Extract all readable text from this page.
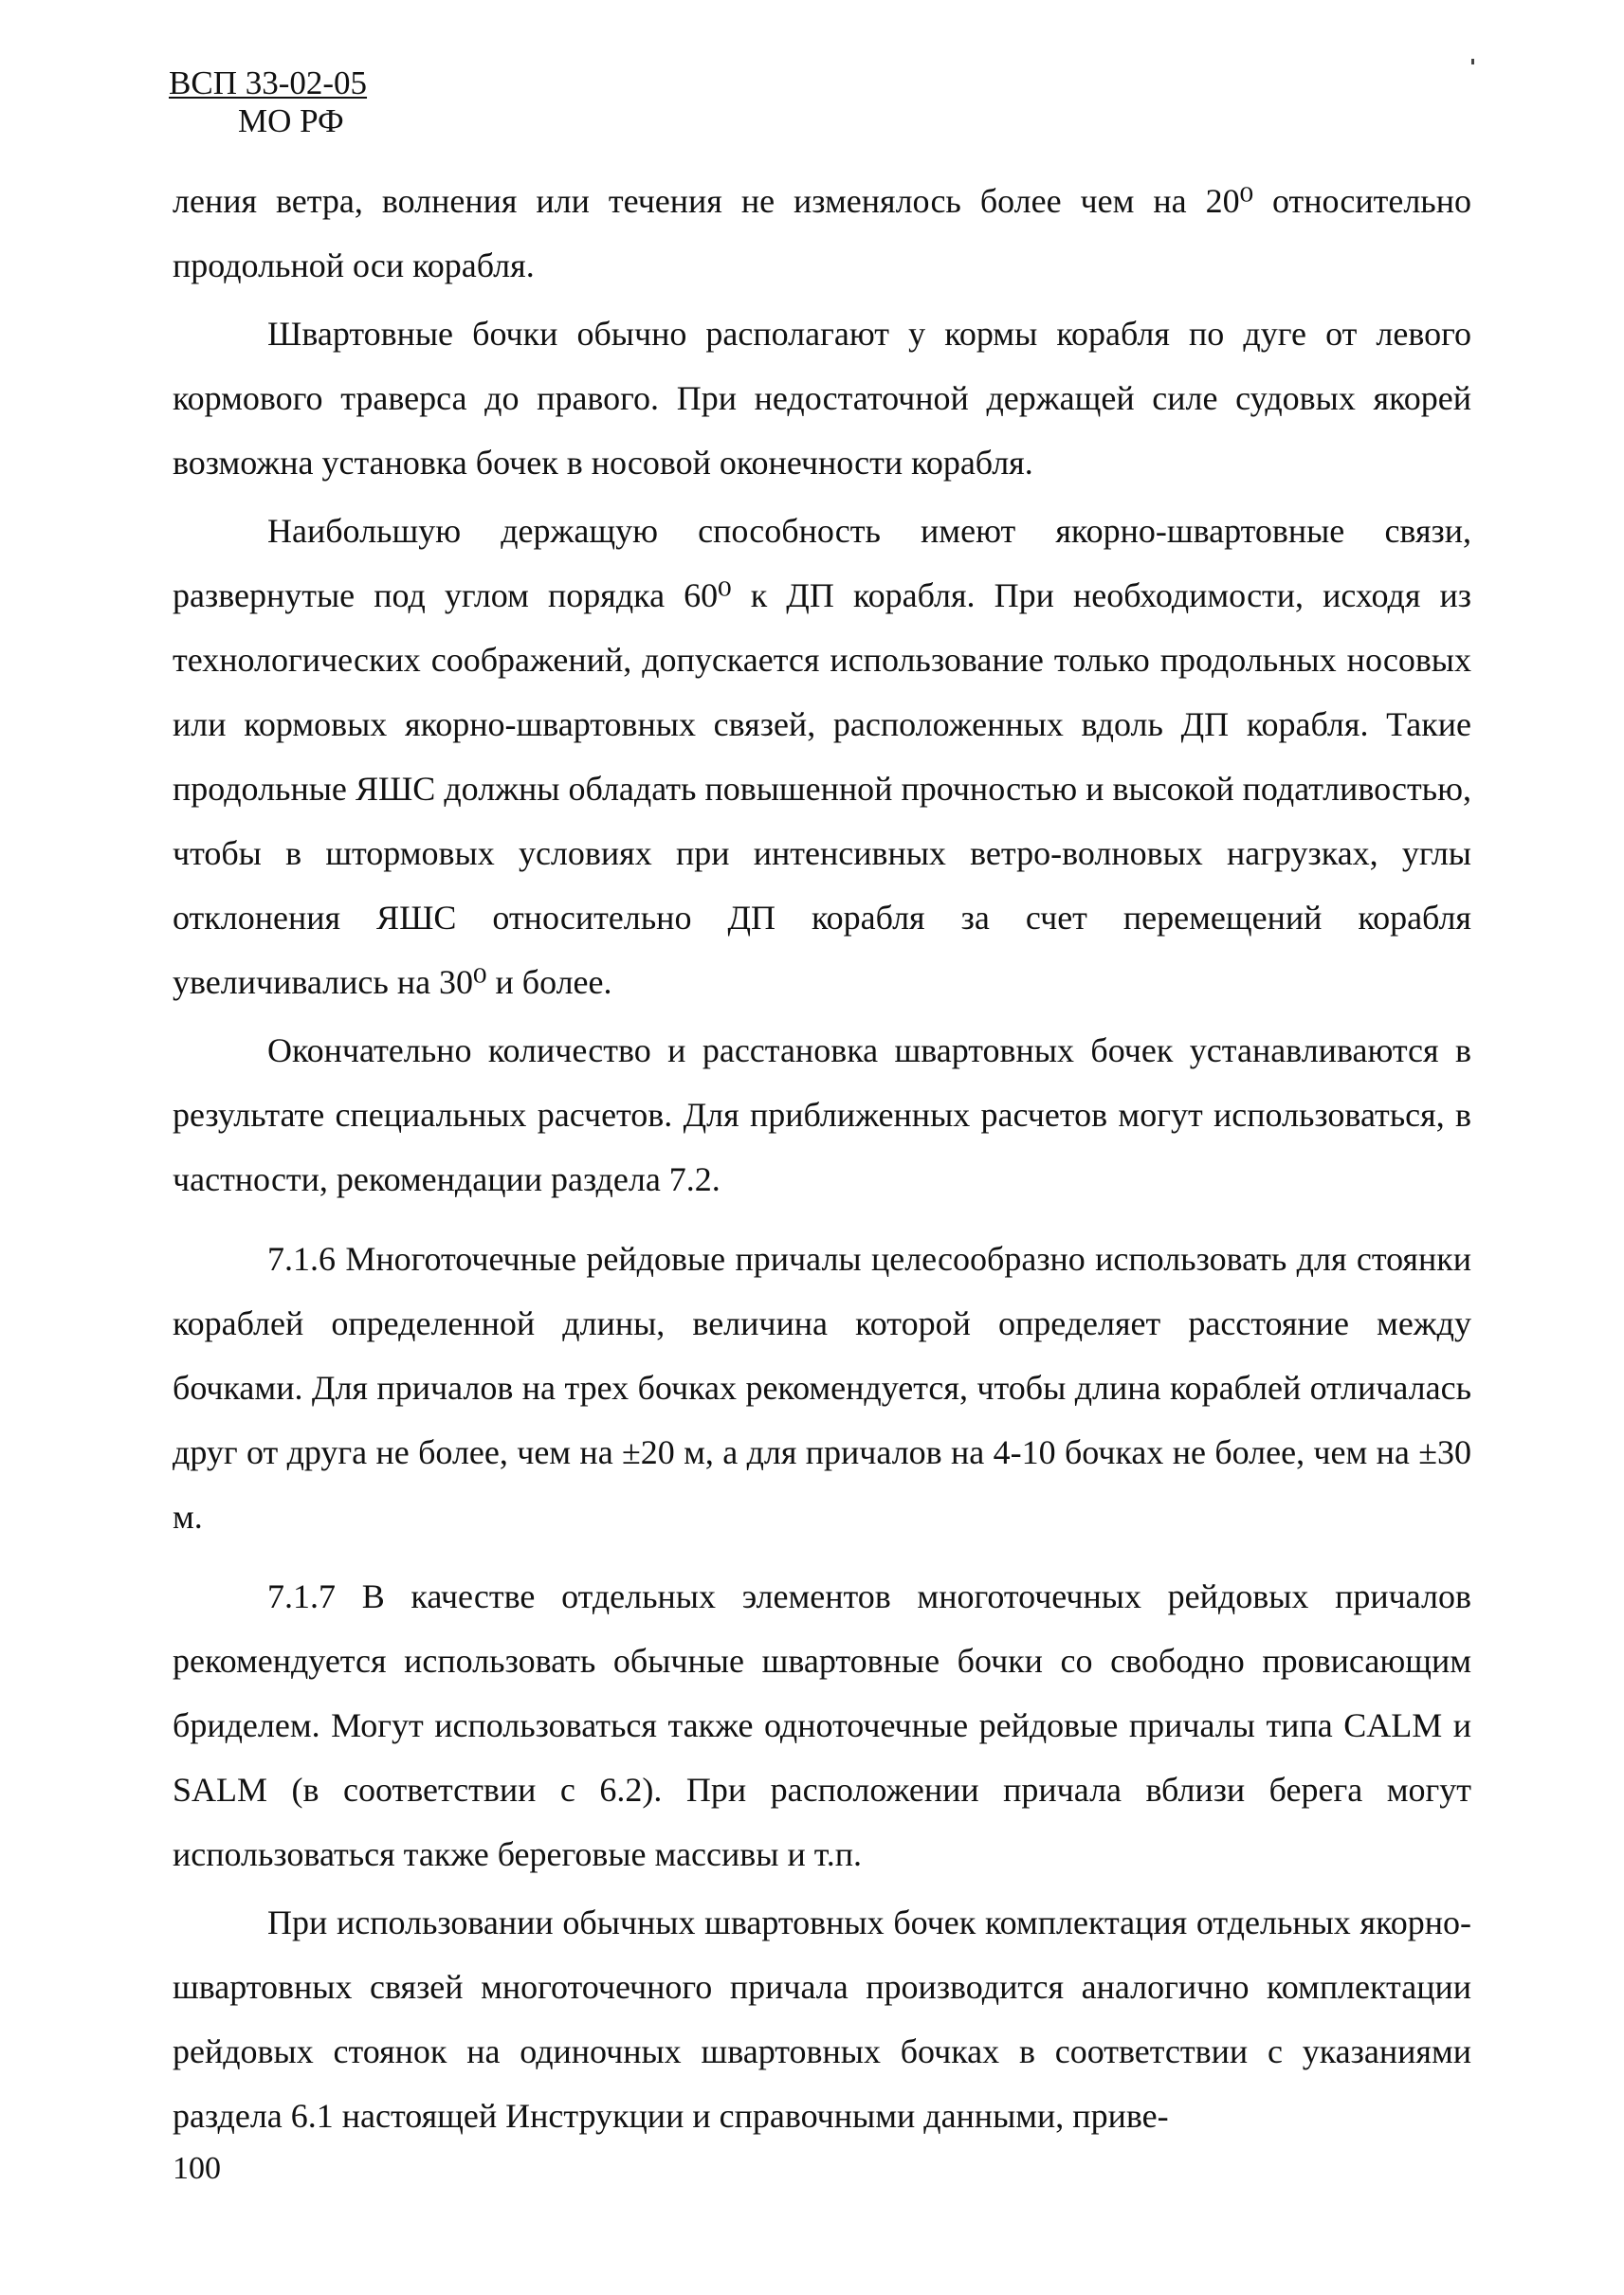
ВСП 33-02-05
МО РФ

ления ветра, волнения или течения не изменялось более чем на 20⁰ относительно продольной оси корабля.

Швартовные бочки обычно располагают у кормы корабля по дуге от левого кормового траверса до правого. При недостаточной держащей силе судовых якорей возможна установка бочек в носовой оконечности корабля.

Наибольшую держащую способность имеют якорно-швартовные связи, развернутые под углом порядка 60⁰ к ДП корабля. При необходимости, исходя из технологических соображений, допускается использование только продольных носовых или кормовых якорно-швартовных связей, расположенных вдоль ДП корабля. Такие продольные ЯШС должны обладать повышенной прочностью и высокой податливостью, чтобы в штормовых условиях при интенсивных ветро-волновых нагрузках, углы отклонения ЯШС относительно ДП корабля за счет перемещений корабля увеличивались на 30⁰ и более.

Окончательно количество и расстановка швартовных бочек устанавливаются в результате специальных расчетов. Для приближенных расчетов могут использоваться, в частности, рекомендации раздела 7.2.

7.1.6 Многоточечные рейдовые причалы целесообразно использовать для стоянки кораблей определенной длины, величина которой определяет расстояние между бочками. Для причалов на трех бочках рекомендуется, чтобы длина кораблей отличалась друг от друга не более, чем на ±20 м, а для причалов на 4-10 бочках не более, чем на ±30 м.

7.1.7 В качестве отдельных элементов многоточечных рейдовых причалов рекомендуется использовать обычные швартовные бочки со свободно провисающим бриделем. Могут использоваться также одноточечные рейдовые причалы типа CALM и SALM (в соответствии с 6.2). При расположении причала вблизи берега могут использоваться также береговые массивы и т.п.

При использовании обычных швартовных бочек комплектация отдельных якорно-швартовных связей многоточечного причала производится аналогично комплектации рейдовых стоянок на одиночных швартовных бочках в соответствии с указаниями раздела 6.1 настоящей Инструкции и справочными данными, приве-

100
